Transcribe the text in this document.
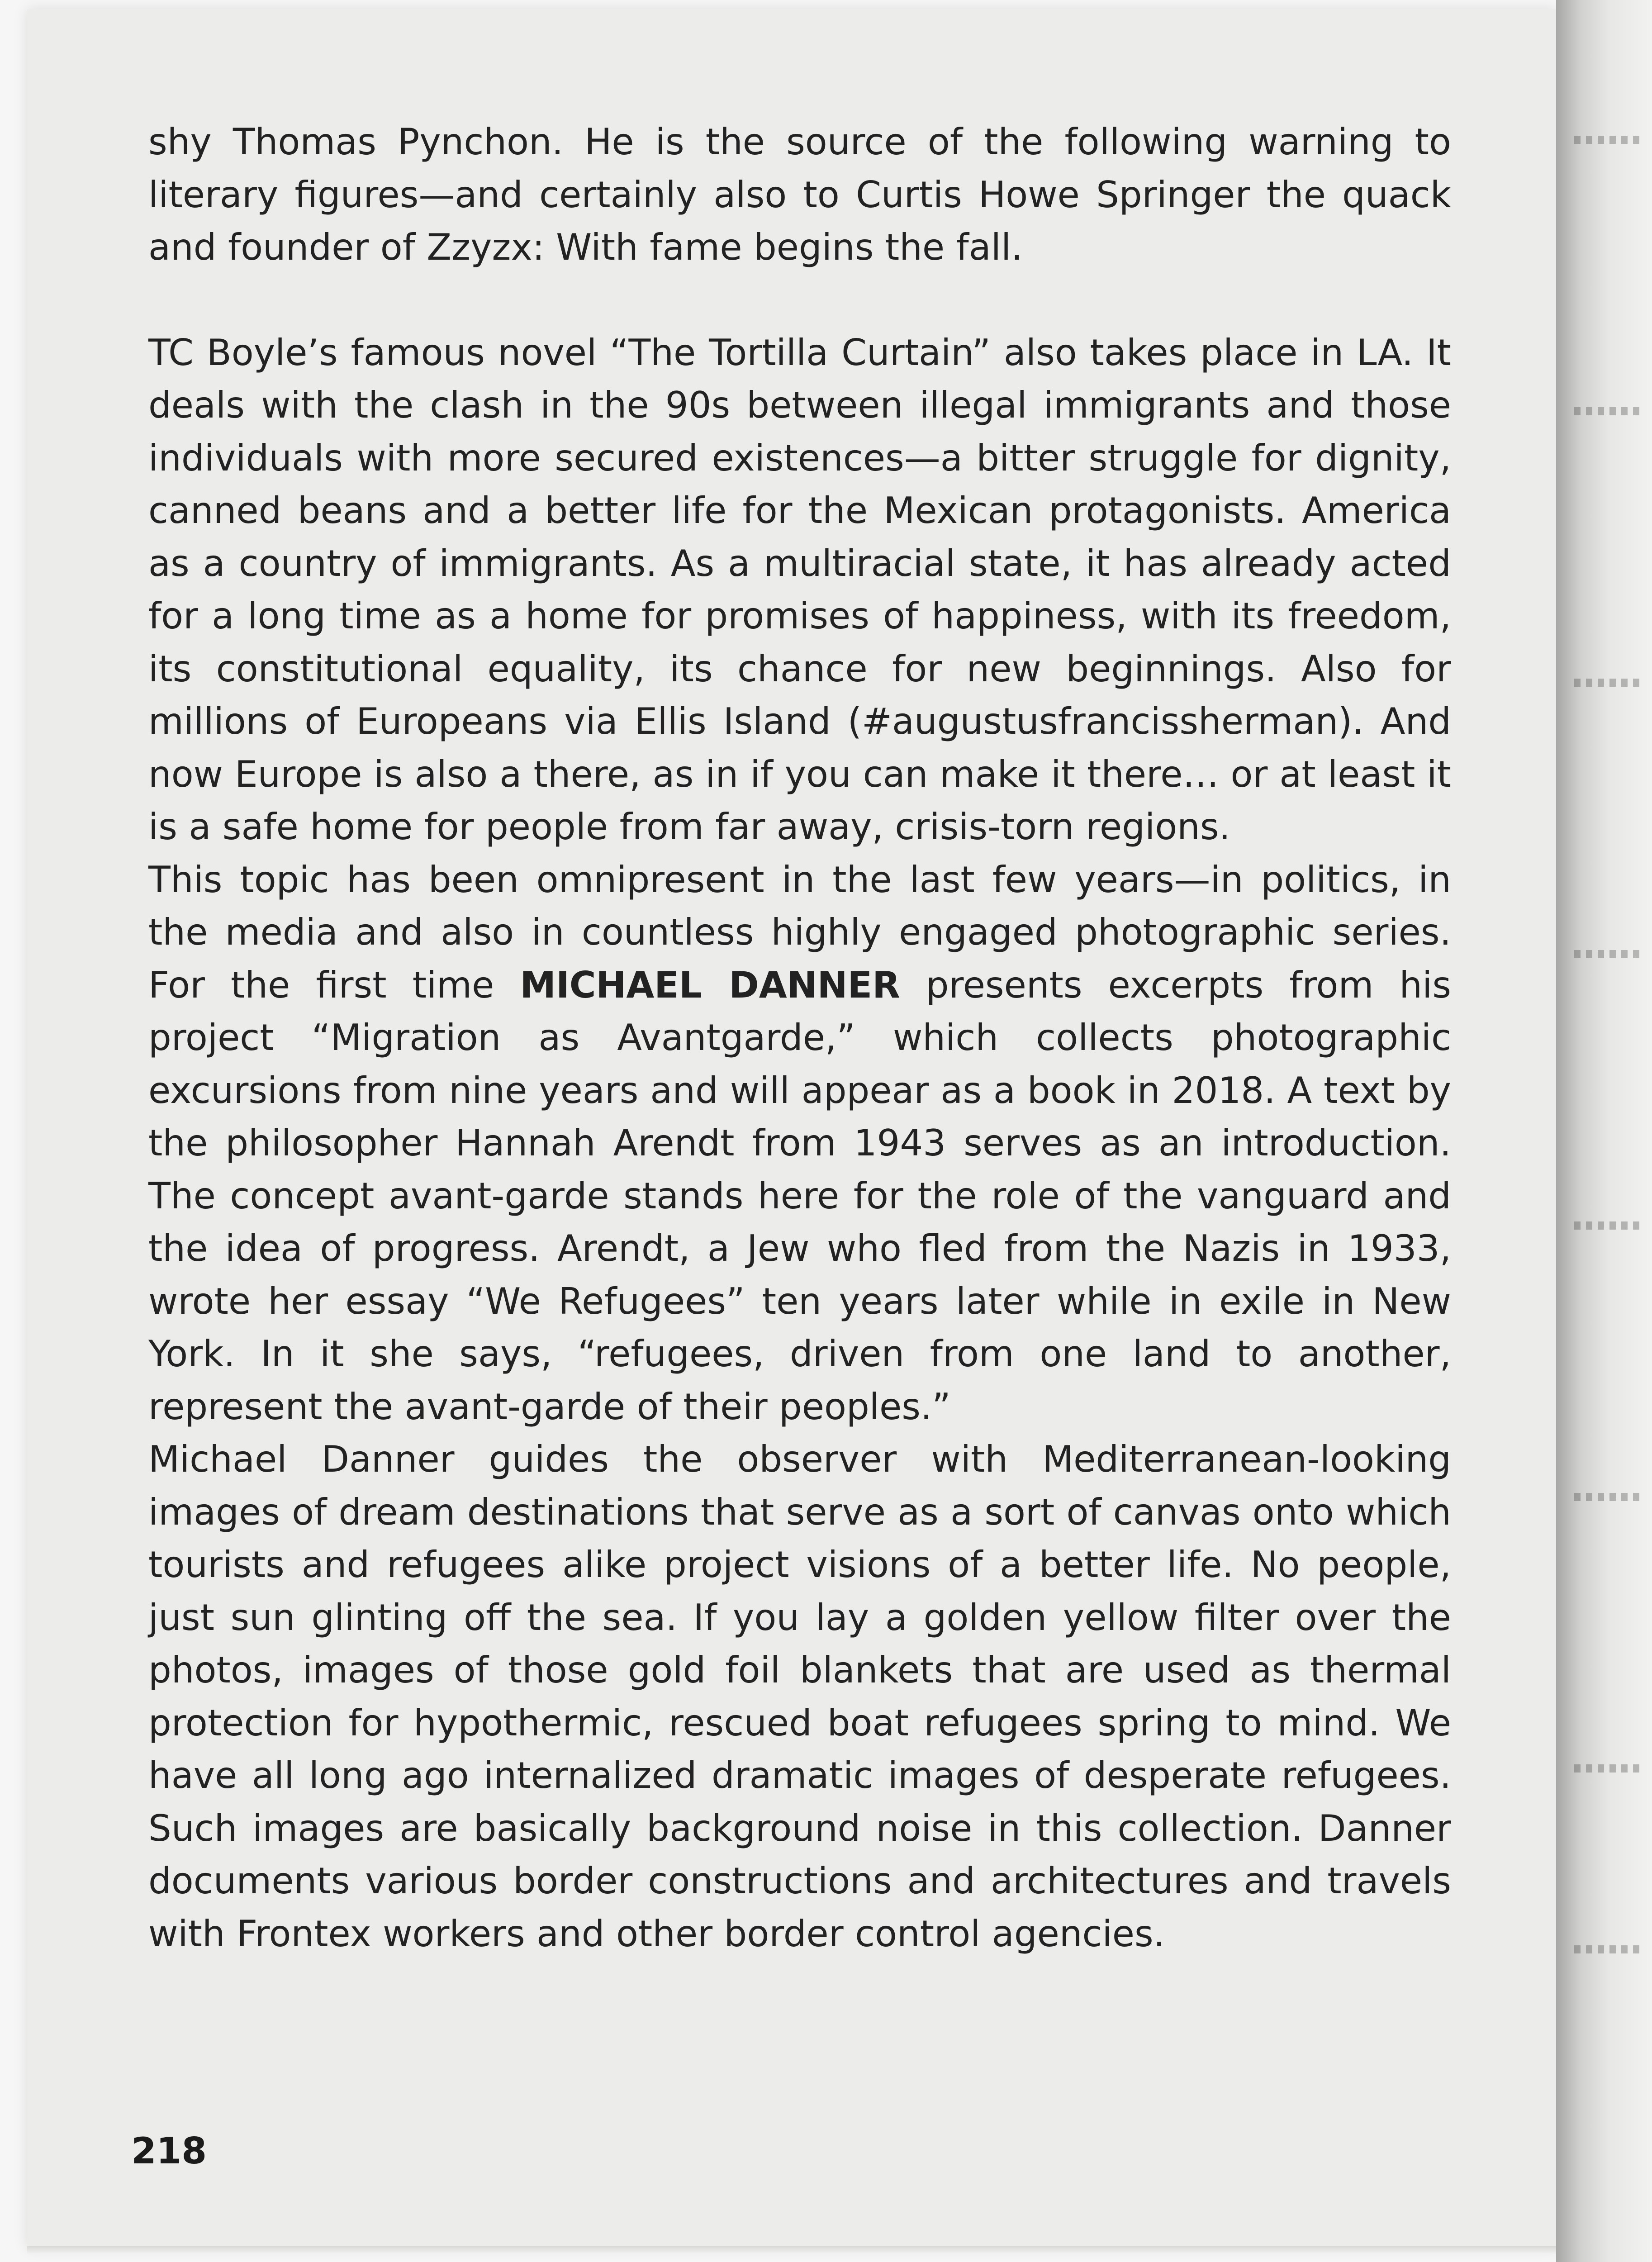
shy Thomas Pynchon. He is the source of the following warning to literary figures—and certainly also to Curtis Howe Springer the quack and founder of Zzyzx: With fame begins the fall.

TC Boyle’s famous novel “The Tortilla Curtain” also takes place in LA. It deals with the clash in the 90s between illegal immigrants and those individuals with more secured existences—a bitter struggle for dignity, canned beans and a better life for the Mexican protagonists. America as a country of immigrants. As a multiracial state, it has already acted for a long time as a home for promises of happiness, with its freedom, its constitutional equality, its chance for new beginnings. Also for millions of Europeans via Ellis Island (#augustusfrancissherman). And now Europe is also a there, as in if you can make it there… or at least it is a safe home for people from far away, crisis-torn regions.

This topic has been omnipresent in the last few years—in politics, in the media and also in countless highly engaged photographic series. For the first time MICHAEL DANNER presents excerpts from his project “Migration as Avantgarde,” which collects photographic excursions from nine years and will appear as a book in 2018. A text by the philosopher Hannah Arendt from 1943 serves as an introduction. The concept avant-garde stands here for the role of the vanguard and the idea of progress. Arendt, a Jew who fled from the Nazis in 1933, wrote her essay “We Refugees” ten years later while in exile in New York. In it she says, “refugees, driven from one land to another, represent the avant-garde of their peoples.”

Michael Danner guides the observer with Mediterranean-looking images of dream destinations that serve as a sort of canvas onto which tourists and refugees alike project visions of a better life. No people, just sun glinting off the sea. If you lay a golden yellow filter over the photos, images of those gold foil blankets that are used as thermal protection for hypothermic, rescued boat refugees spring to mind. We have all long ago internalized dramatic images of desperate refugees. Such images are basically background noise in this collection. Danner documents various border constructions and architectures and travels with Frontex workers and other border control agencies.

218
